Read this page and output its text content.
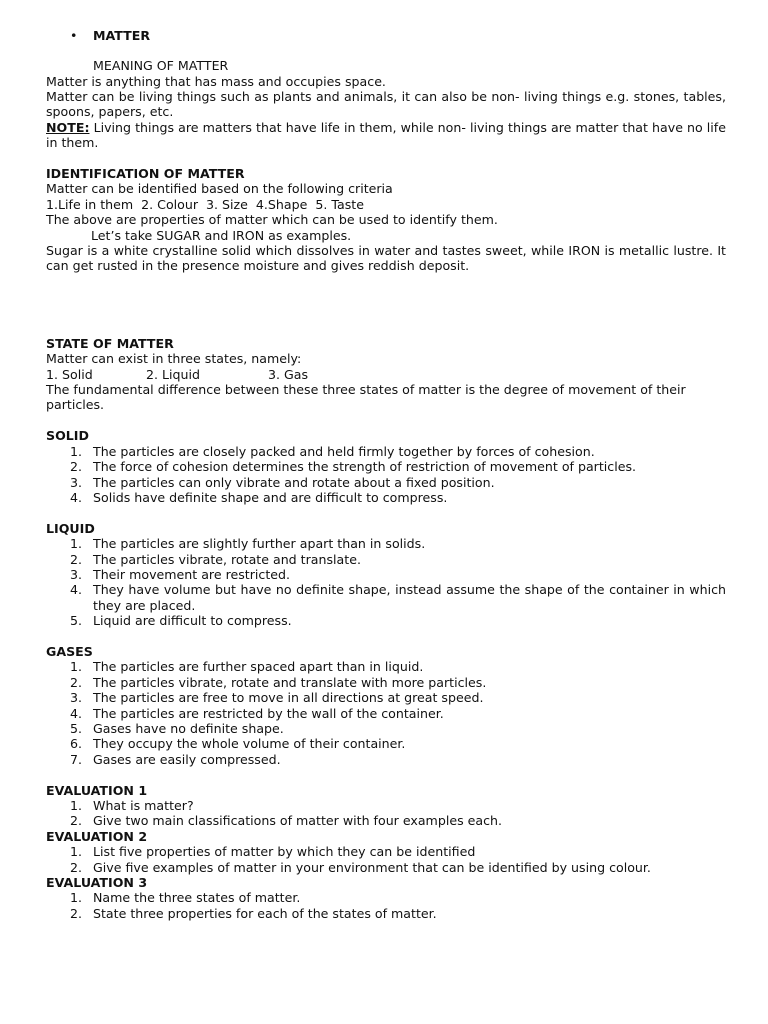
• MATTER

MEANING OF MATTER

Matter is anything that has mass and occupies space.

Matter can be living things such as plants and animals, it can also be non- living things e.g. stones, tables, spoons, papers, etc.

NOTE: Living things are matters that have life in them, while non- living things are matter that have no life in them.

IDENTIFICATION OF MATTER

Matter can be identified based on the following criteria

1.Life in them  2. Colour  3. Size  4.Shape  5. Taste

The above are properties of matter which can be used to identify them.

Let’s take SUGAR and IRON as examples.

Sugar is a white crystalline solid which dissolves in water and tastes sweet, while IRON is metallic lustre. It can get rusted in the presence moisture and gives reddish deposit.

STATE OF MATTER

Matter can exist in three states, namely:

1. Solid	2. Liquid	3. Gas

The fundamental difference between these three states of matter is the degree of movement of their particles.

SOLID

1. The particles are closely packed and held firmly together by forces of cohesion.
2. The force of cohesion determines the strength of restriction of movement of particles.
3. The particles can only vibrate and rotate about a fixed position.
4. Solids have definite shape and are difficult to compress.

LIQUID

1. The particles are slightly further apart than in solids.
2. The particles vibrate, rotate and translate.
3. Their movement are restricted.
4. They have volume but have no definite shape, instead assume the shape of the container in which they are placed.
5. Liquid are difficult to compress.

GASES

1. The particles are further spaced apart than in liquid.
2. The particles vibrate, rotate and translate with more particles.
3. The particles are free to move in all directions at great speed.
4. The particles are restricted by the wall of the container.
5. Gases have no definite shape.
6. They occupy the whole volume of their container.
7. Gases are easily compressed.

EVALUATION 1

1. What is matter?
2. Give two main classifications of matter with four examples each.

EVALUATION 2

1. List five properties of matter by which they can be identified
2. Give five examples of matter in your environment that can be identified by using colour.

EVALUATION 3

1. Name the three states of matter.
2. State three properties for each of the states of matter.
